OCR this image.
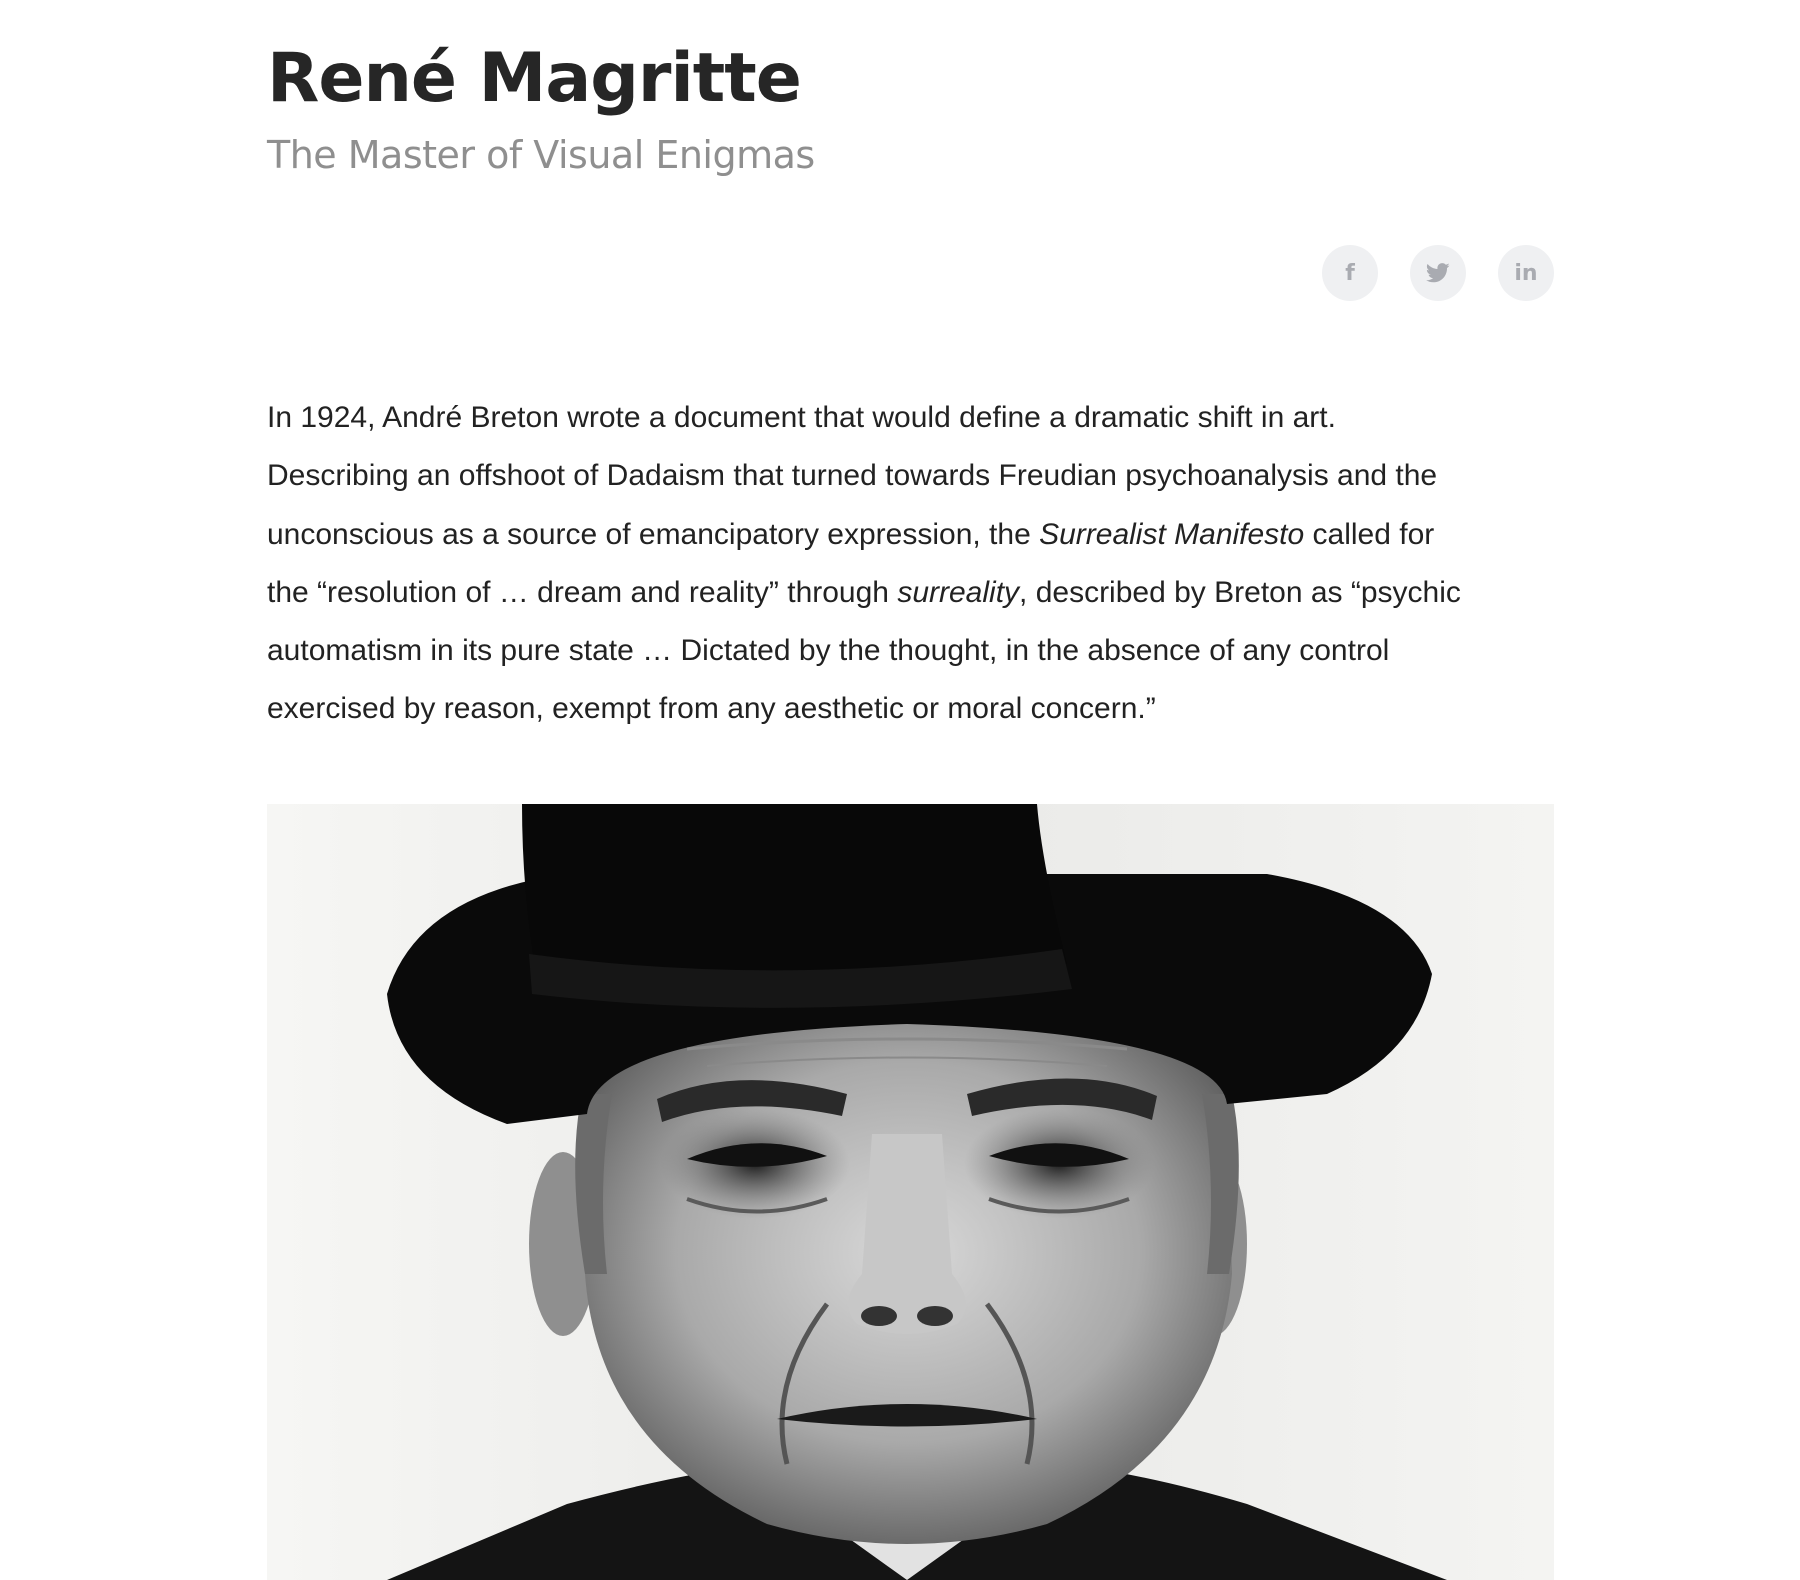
René Magritte
The Master of Visual Enigmas
f	in

In 1924, André Breton wrote a document that would define a dramatic shift in art.
Describing an offshoot of Dadaism that turned towards Freudian psychoanalysis and the
unconscious as a source of emancipatory expression, the Surrealist Manifesto called for
the “resolution of … dream and reality” through surreality, described by Breton as “psychic
automatism in its pure state … Dictated by the thought, in the absence of any control
exercised by reason, exempt from any aesthetic or moral concern.”
